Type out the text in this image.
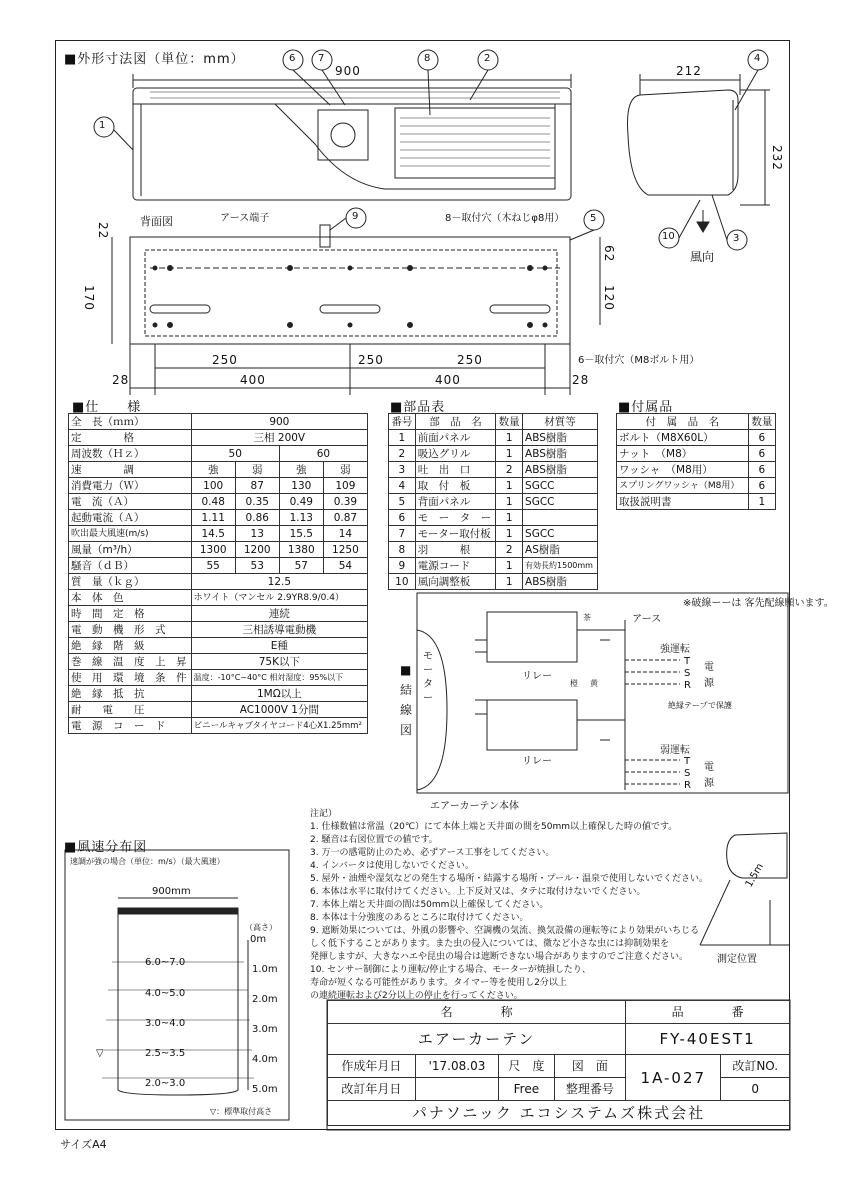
■外形寸法図（単位：mm）
900	212
232
1
2
3
4
5
6 7	8
9
10
背面図	アース端子	8－取付穴（木ねじφ8用）
6－取付穴（M8ボルト用）
風向
22
170
62
120
250	250	250
28	400	400	28
■仕　　様
全　長（ｍｍ）	900			
定　　　　格	三相 200V			
周波数（Ｈｚ）	50		60	
速　　　　調	強	弱	強	弱
消費電力（Ｗ）	100	87	130	109
電　流（Ａ）	0.48	0.35	0.49	0.39
起動電流（Ａ）	1.11	0.86	1.13	0.87
吹出最大風速(m/s)	14.5	13	15.5	14
風量（m³/h）	1300	1200	1380	1250
騒音（ｄＢ）	55	53	57	54
質　量（ｋｇ）	12.5			
本　体　色	ホワイト（マンセル 2.9YR8.9/0.4）			
時　間　定　格	連続			
電　動　機　形　式	三相誘導電動機			
絶　縁　階　級	E種			
巻　線　温　度　上　昇	75K以下			
使　用　環　境　条　件	温度：-10°C~40°C 相対湿度：95%以下			
絶　縁　抵　抗	1MΩ以上			
耐　　電　　圧	AC1000V 1分間			
電　源　コ　ー　ド	ビニールキャブタイヤコード4心X1.25mm²			
■部品表
番号	部　品　名	数量	材質等
1	前面パネル	1	ABS樹脂
2	吸込グリル	1	ABS樹脂
3	吐　出　口	2	ABS樹脂
4	取　付　板	1	SGCC
5	背面パネル	1	SGCC
6	モ　ー　タ　ー	1	
7	モーター取付板	1	SGCC
8	羽　　　根	2	AS樹脂
9	電源コード	1	有効長約1500mm
10	風向調整板	1	ABS樹脂
■付属品
付　属　品　名	数量
ボルト（M8X60L）	6
ナット　（M8）	6
ワッシャ　（M8用）	6
スプリングワッシャ（M8用）	6
取扱説明書	1
※破線ーーは 客先配線願います。
■結線図
モーター
リレー
リレー
アース
強運転
弱運転
絶縁テープで保護
T
S
R
T
S
R
電源
電源
茶
橙 黄
エアーカーテン本体
■風速分布図
速調が強の場合（単位：m/s）（最大風速）
900mm
（高さ）
0m
1.0m
2.0m
3.0m
4.0m
5.0m
6.0~7.0
4.0~5.0
3.0~4.0
2.5~3.5
2.0~3.0
▽
▽：標準取付高さ
注記）
1. 仕様数値は常温（20℃）にて本体上端と天井面の間を50mm以上確保した時の値です。
2. 騒音は右図位置での値です。
3. 万一の感電防止のため、必ずアース工事をしてください。
4. インバータは使用しないでください。
5. 屋外・油煙や湿気などの発生する場所・結露する場所・プール・温泉で使用しないでください。
6. 本体は水平に取付けてください。上下反対又は、タテに取付けないでください。
7. 本体上端と天井面の間は50mm以上確保してください。
8. 本体は十分強度のあるところに取付けてください。
9. 遮断効果については、外風の影響や、空調機の気流、換気設備の運転等により効果がいちじる
しく低下することがあります。また虫の侵入については、微など小さな虫には抑制効果を
発揮しますが、大きなハエや昆虫の場合は遮断できない場合がありますのでご注意ください。
10. センサー制御により運転/停止する場合、モーターが焼損したり、
寿命が短くなる可能性があります。タイマー等を使用し2分以上
の連続運転および2分以上の停止を行ってください。
1.5m
測定位置
名　　　　称				品　　　　番	
エアーカーテン				FY-40EST1	
作成年月日	'17.08.03	尺　度	図　面	1A-027	改訂NO.
改訂年月日		Free	整理番号		0
パナソニック エコシステムズ株式会社					
サイズA4
